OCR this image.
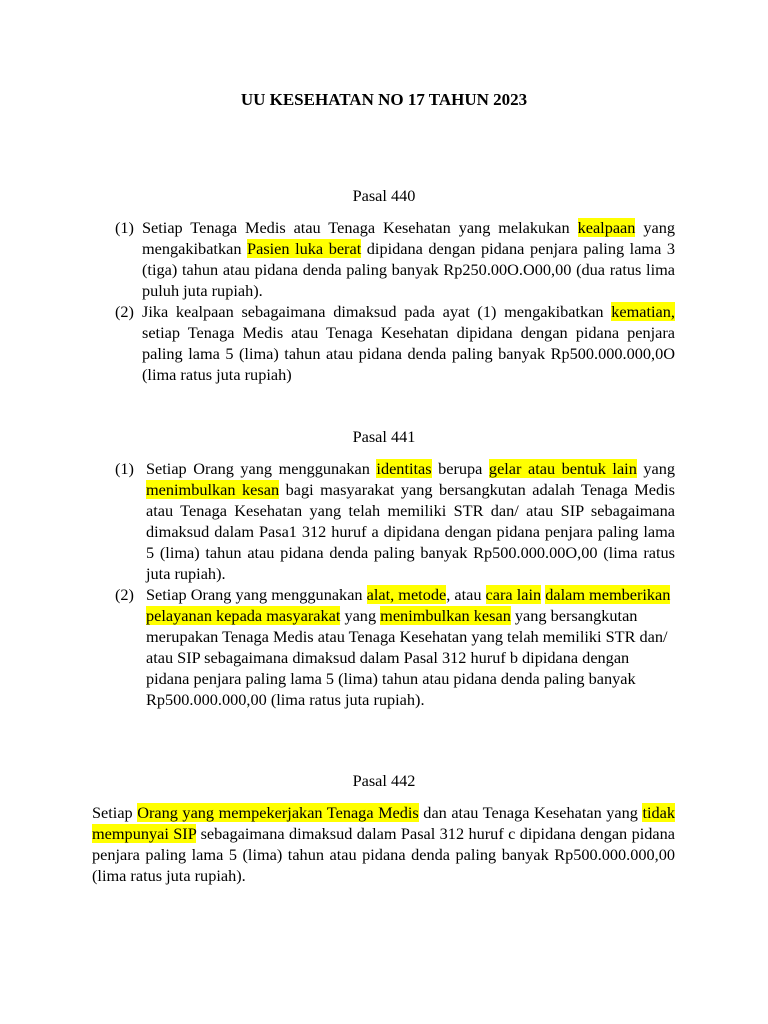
UU KESEHATAN NO 17 TAHUN 2023
Pasal 440
(1) Setiap Tenaga Medis atau Tenaga Kesehatan yang melakukan kealpaan yang mengakibatkan Pasien luka berat dipidana dengan pidana penjara paling lama 3 (tiga) tahun atau pidana denda paling banyak Rp250.00O.O00,00 (dua ratus lima puluh juta rupiah).
(2) Jika kealpaan sebagaimana dimaksud pada ayat (1) mengakibatkan kematian, setiap Tenaga Medis atau Tenaga Kesehatan dipidana dengan pidana penjara paling lama 5 (lima) tahun atau pidana denda paling banyak Rp500.000.000,0O (lima ratus juta rupiah)
Pasal 441
(1) Setiap Orang yang menggunakan identitas berupa gelar atau bentuk lain yang menimbulkan kesan bagi masyarakat yang bersangkutan adalah Tenaga Medis atau Tenaga Kesehatan yang telah memiliki STR dan/ atau SIP sebagaimana dimaksud dalam Pasa1 312 huruf a dipidana dengan pidana penjara paling lama 5 (lima) tahun atau pidana denda paling banyak Rp500.000.00O,00 (lima ratus juta rupiah).
(2) Setiap Orang yang menggunakan alat, metode, atau cara lain dalam memberikan pelayanan kepada masyarakat yang menimbulkan kesan yang bersangkutan merupakan Tenaga Medis atau Tenaga Kesehatan yang telah memiliki STR dan/ atau SIP sebagaimana dimaksud dalam Pasal 312 huruf b dipidana dengan pidana penjara paling lama 5 (lima) tahun atau pidana denda paling banyak Rp500.000.000,00 (lima ratus juta rupiah).
Pasal 442

Setiap Orang yang mempekerjakan Tenaga Medis dan atau Tenaga Kesehatan yang tidak mempunyai SIP sebagaimana dimaksud dalam Pasal 312 huruf c dipidana dengan pidana penjara paling lama 5 (lima) tahun atau pidana denda paling banyak Rp500.000.000,00 (lima ratus juta rupiah).
